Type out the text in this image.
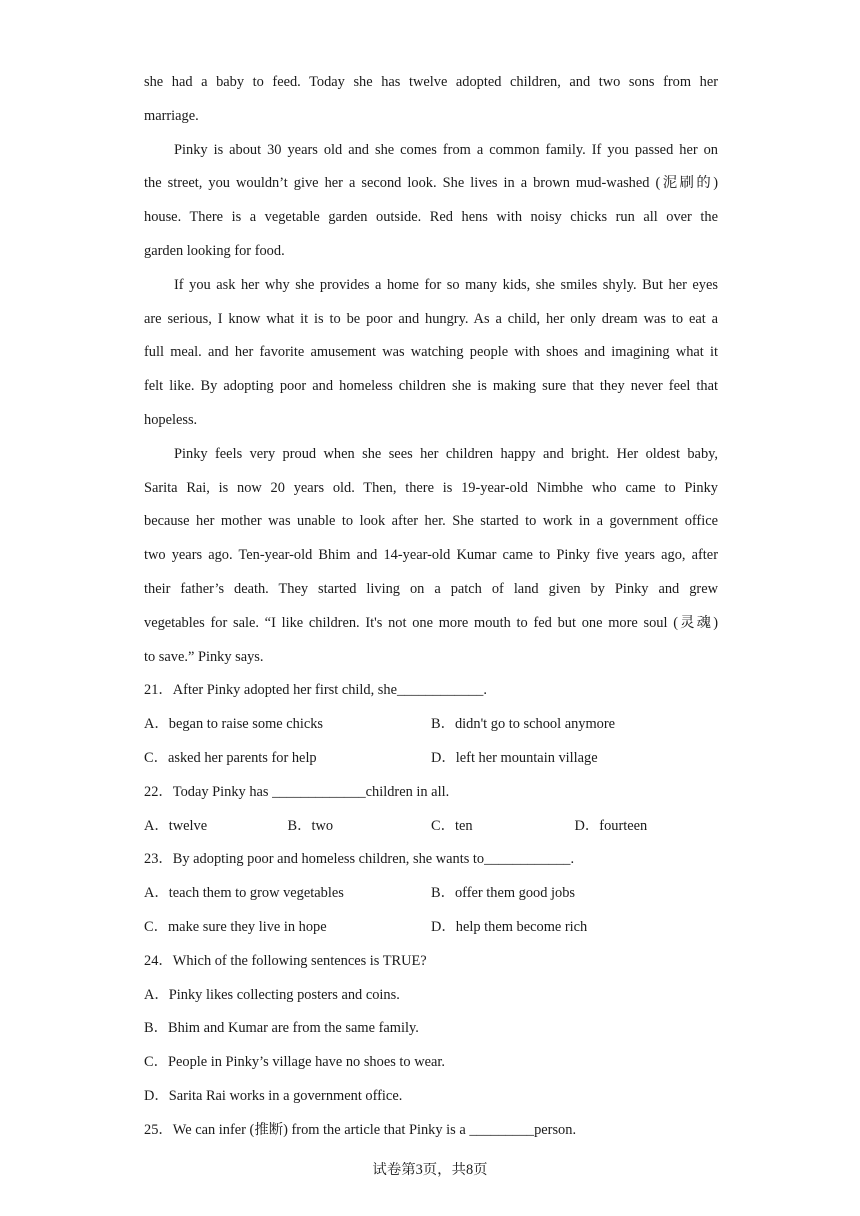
she had a baby to feed. Today she has twelve adopted children, and two sons from her
marriage.
Pinky is about 30 years old and she comes from a common family. If you passed her on
the street, you wouldn’t give her a second look. She lives in a brown mud-washed (泥刷的)
house. There is a vegetable garden outside. Red hens with noisy chicks run all over the
garden looking for food.
If you ask her why she provides a home for so many kids, she smiles shyly. But her eyes
are serious, I know what it is to be poor and hungry. As a child, her only dream was to eat a
full meal. and her favorite amusement was watching people with shoes and imagining what it
felt like. By adopting poor and homeless children she is making sure that they never feel that
hopeless.
Pinky feels very proud when she sees her children happy and bright. Her oldest baby,
Sarita Rai, is now 20 years old. Then, there is 19-year-old Nimbhe who came to Pinky
because her mother was unable to look after her. She started to work in a government office
two years ago. Ten-year-old Bhim and 14-year-old Kumar came to Pinky five years ago, after
their father’s death. They started living on a patch of land given by Pinky and grew
vegetables for sale. “I like children. It's not one more mouth to fed but one more soul (灵魂)
to save.” Pinky says.
21．After Pinky adopted her first child, she____________.
A．began to raise some chicks	B．didn't go to school anymore
C．asked her parents for help	D．left her mountain village
22．Today Pinky has _____________children in all.
A．twelve	B．two	C．ten	D．fourteen
23．By adopting poor and homeless children, she wants to____________.
A．teach them to grow vegetables	B．offer them good jobs
C．make sure they live in hope	D．help them become rich
24．Which of the following sentences is TRUE?
A．Pinky likes collecting posters and coins.
B．Bhim and Kumar are from the same family.
C．People in Pinky’s village have no shoes to wear.
D．Sarita Rai works in a government office.
25．We can infer (推断) from the article that Pinky is a _________person.
试卷第3页，共8页
